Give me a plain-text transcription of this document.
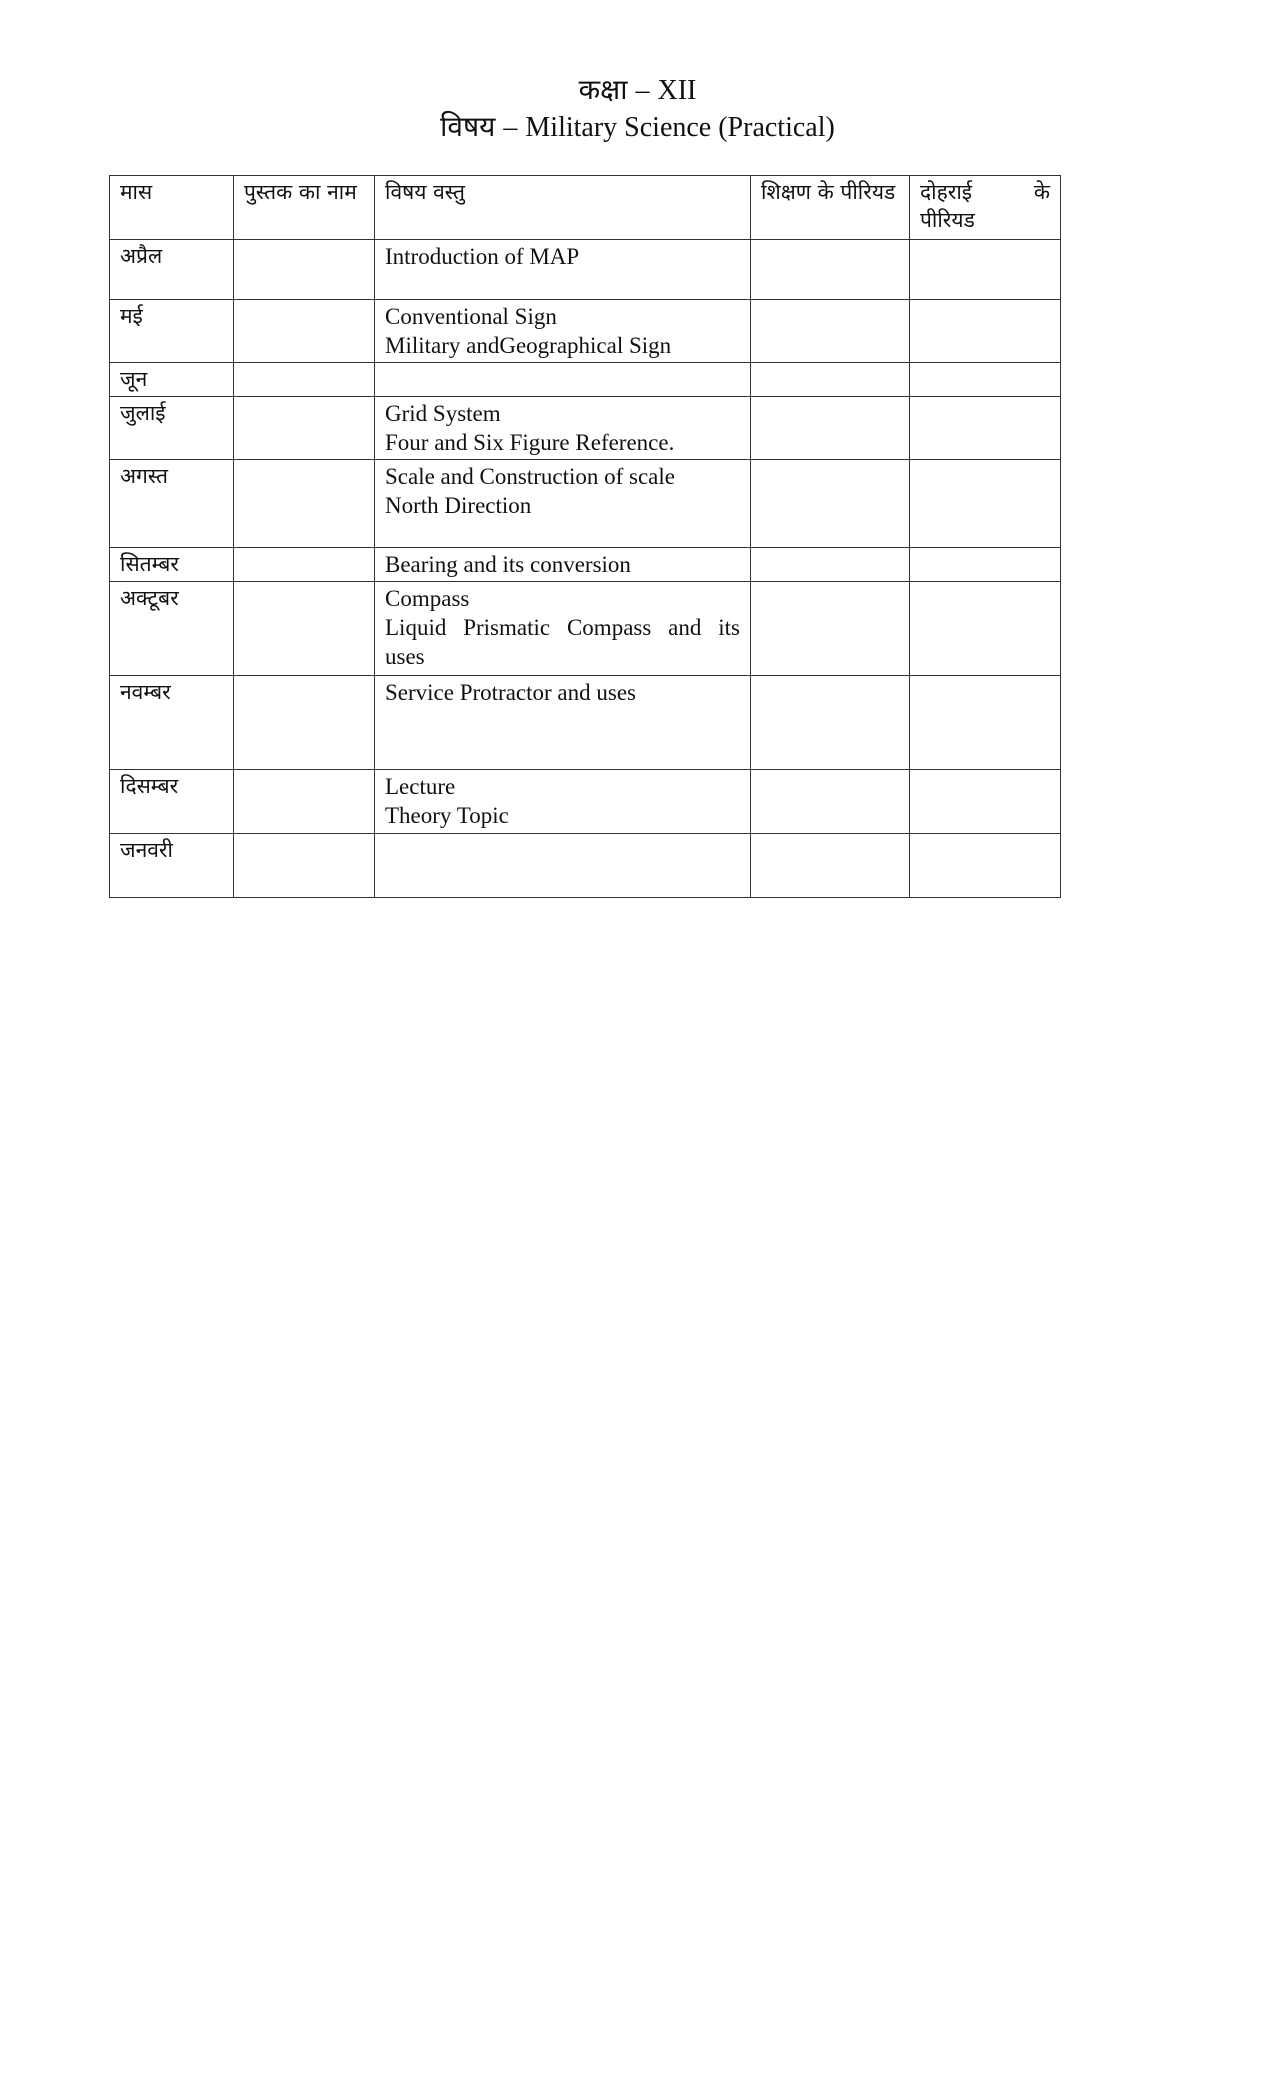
कक्षा – XII
विषय – Military Science (Practical)
मास	पुस्तक का नाम	विषय वस्तु	शिक्षण के पीरियड	दोहराई के पीरियड
अप्रैल		Introduction of MAP		

मई		Conventional Sign
Military andGeographical Sign		

जून				
जुलाई		Grid System
Four and Six Figure Reference.		

अगस्त		Scale and Construction of scale
North Direction		

सितम्बर		Bearing and its conversion		

अक्टूबर		Compass
Liquid Prismatic Compass and its uses		

नवम्बर		Service Protractor and uses		

दिसम्बर		Lecture
Theory Topic		

जनवरी				
